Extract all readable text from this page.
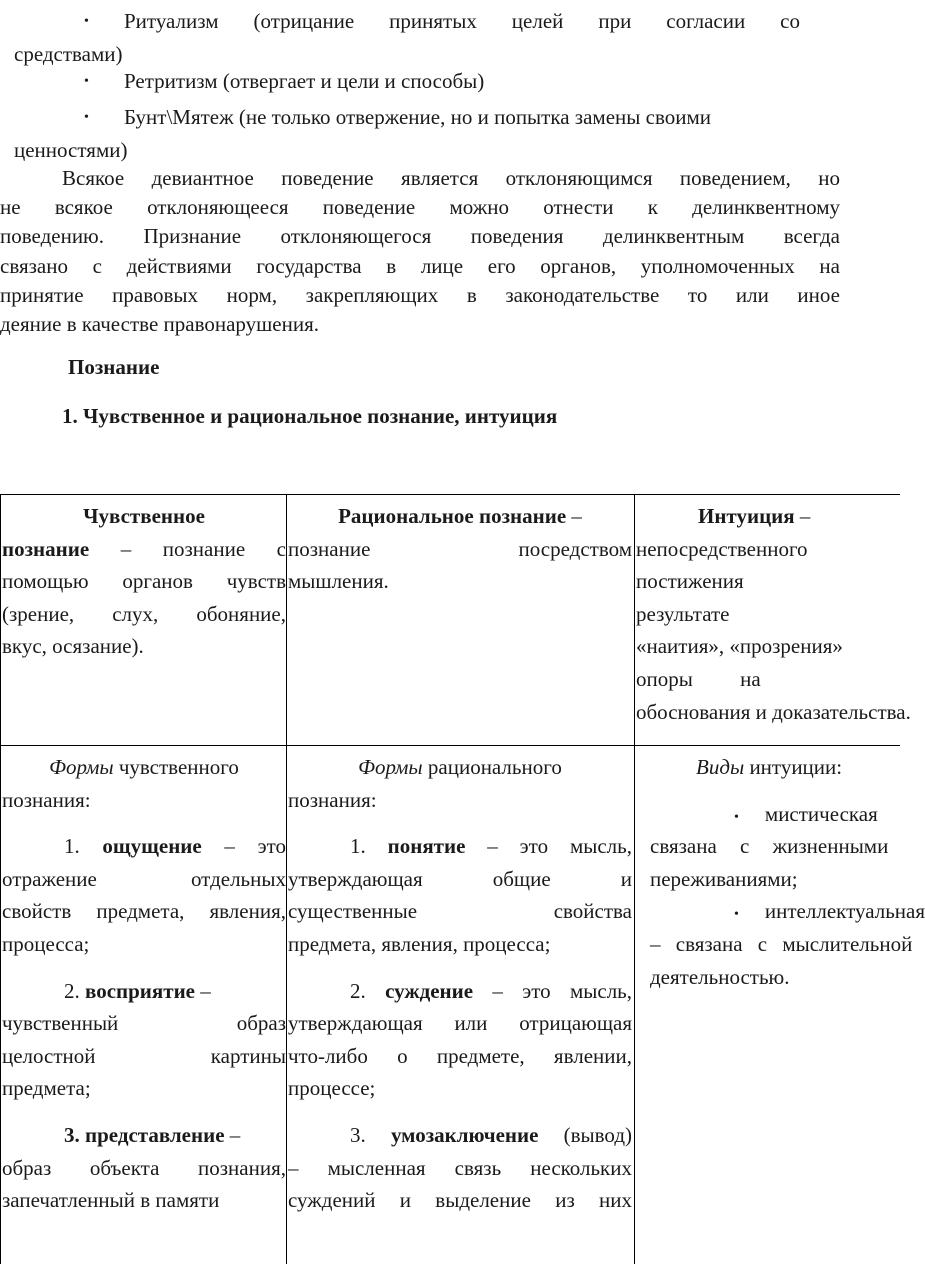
• Ритуализм (отрицание принятых целей при согласии со
средствами)
• Ретритизм (отвергает и цели и способы)
• Бунт\Мятеж (не только отвержение, но и попытка замены своими
ценностями)
Всякое девиантное поведение является отклоняющимся поведением, но
не всякое отклоняющееся поведение можно отнести к делинквентному
поведению. Признание отклоняющегося поведения делинквентным всегда
связано с действиями государства в лице его органов, уполномоченных на
принятие правовых норм, закрепляющих в законодательстве то или иное
деяние в качестве правонарушения.
Познание
1. Чувственное и рациональное познание, интуиция
Чувственное
познание – познание с
помощью органов чувств
(зрение, слух, обоняние,
вкус, осязание).
Рациональное познание –
познание посредством
мышления.
Интуиция –
непосредственного
постижения
результате
«наития», «прозрения»
опоры на
обоснования и доказательства.
Формы чувственного
познания:
1. ощущение – это
отражение отдельных
свойств предмета, явления,
процесса;
2. восприятие –
чувственный образ
целостной картины
предмета;
3. представление –
образ объекта познания,
запечатленный в памяти
Формы рационального
познания:
1. понятие – это мысль,
утверждающая общие и
существенные свойства
предмета, явления, процесса;
2. суждение – это мысль,
утверждающая или отрицающая
что-либо о предмете, явлении,
процессе;
3. умозаключение (вывод)
– мысленная связь нескольких
суждений и выделение из них
Виды интуиции:
• мистическая
связана с жизненными
переживаниями;
• интеллектуальная
– связана с мыслительной
деятельностью.
